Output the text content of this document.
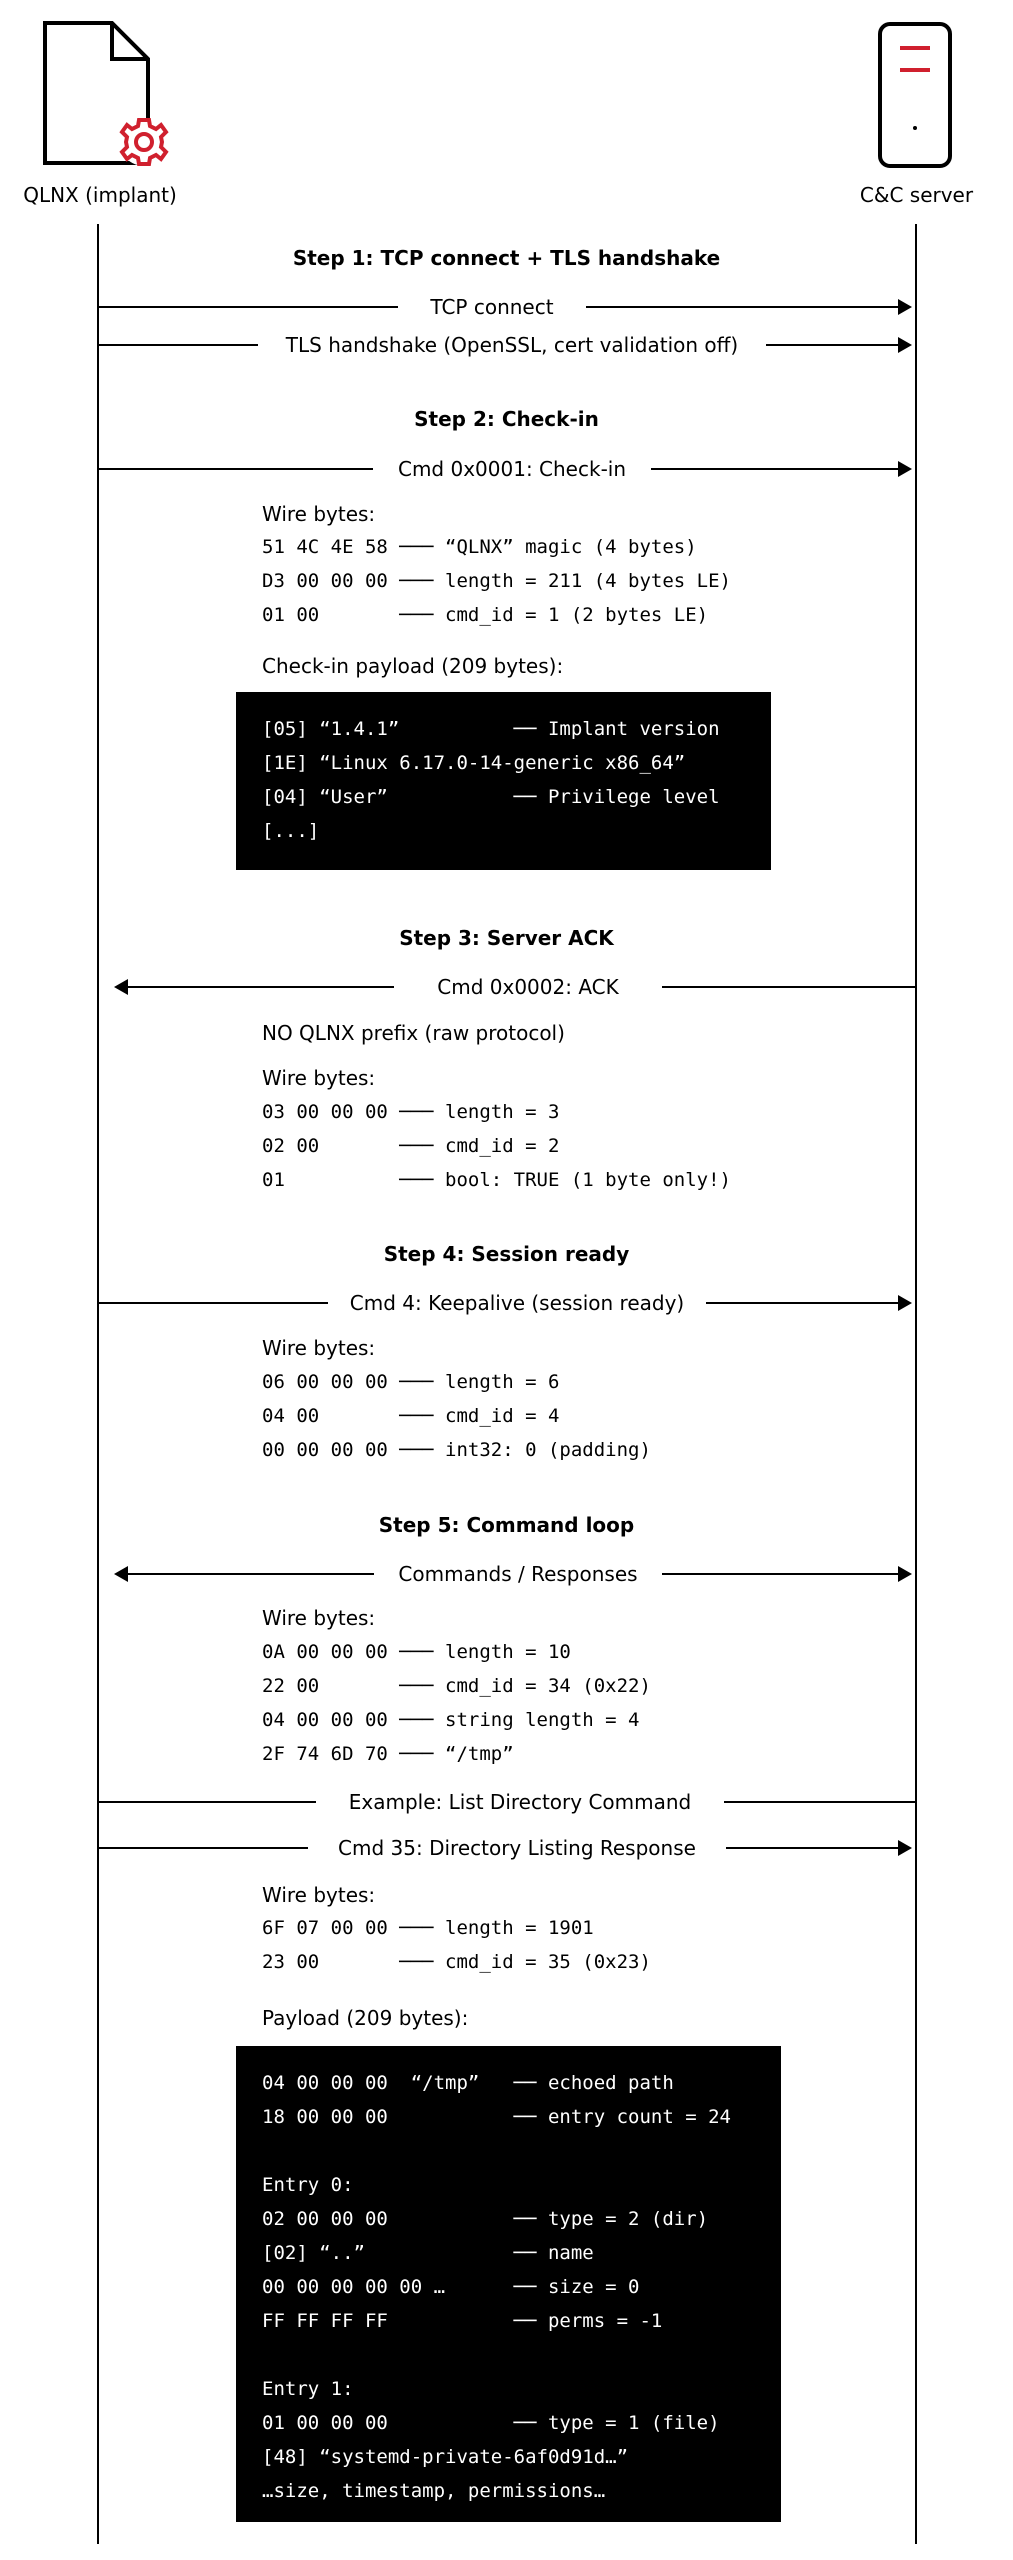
QLNX (implant)	C&C server
Step 1: TCP connect + TLS handshake
TCP connect
TLS handshake (OpenSSL, cert validation off)
Step 2: Check-in
Cmd 0x0001: Check-in
Wire bytes:
51 4C 4E 58 ─── “QLNX” magic (4 bytes)
D3 00 00 00 ─── length = 211 (4 bytes LE)
01 00       ─── cmd_id = 1 (2 bytes LE)
Check-in payload (209 bytes):
[05] “1.4.1”          ── Implant version
[1E] “Linux 6.17.0-14-generic x86_64”
[04] “User”           ── Privilege level
[...]
Step 3: Server ACK
Cmd 0x0002: ACK
NO QLNX prefix (raw protocol)
Wire bytes:
03 00 00 00 ─── length = 3
02 00       ─── cmd_id = 2
01          ─── bool: TRUE (1 byte only!)
Step 4: Session ready
Cmd 4: Keepalive (session ready)
Wire bytes:
06 00 00 00 ─── length = 6
04 00       ─── cmd_id = 4
00 00 00 00 ─── int32: 0 (padding)
Step 5: Command loop
Commands / Responses
Wire bytes:
0A 00 00 00 ─── length = 10
22 00       ─── cmd_id = 34 (0x22)
04 00 00 00 ─── string length = 4
2F 74 6D 70 ─── “/tmp”
Example: List Directory Command
Cmd 35: Directory Listing Response
Wire bytes:
6F 07 00 00 ─── length = 1901
23 00       ─── cmd_id = 35 (0x23)
Payload (209 bytes):
04 00 00 00  “/tmp”   ── echoed path
18 00 00 00           ── entry count = 24
Entry 0:
02 00 00 00           ── type = 2 (dir)
[02] “..”             ── name
00 00 00 00 00 …      ── size = 0
FF FF FF FF           ── perms = -1
Entry 1:
01 00 00 00           ── type = 1 (file)
[48] “systemd-private-6af0d91d…”
…size, timestamp, permissions…
